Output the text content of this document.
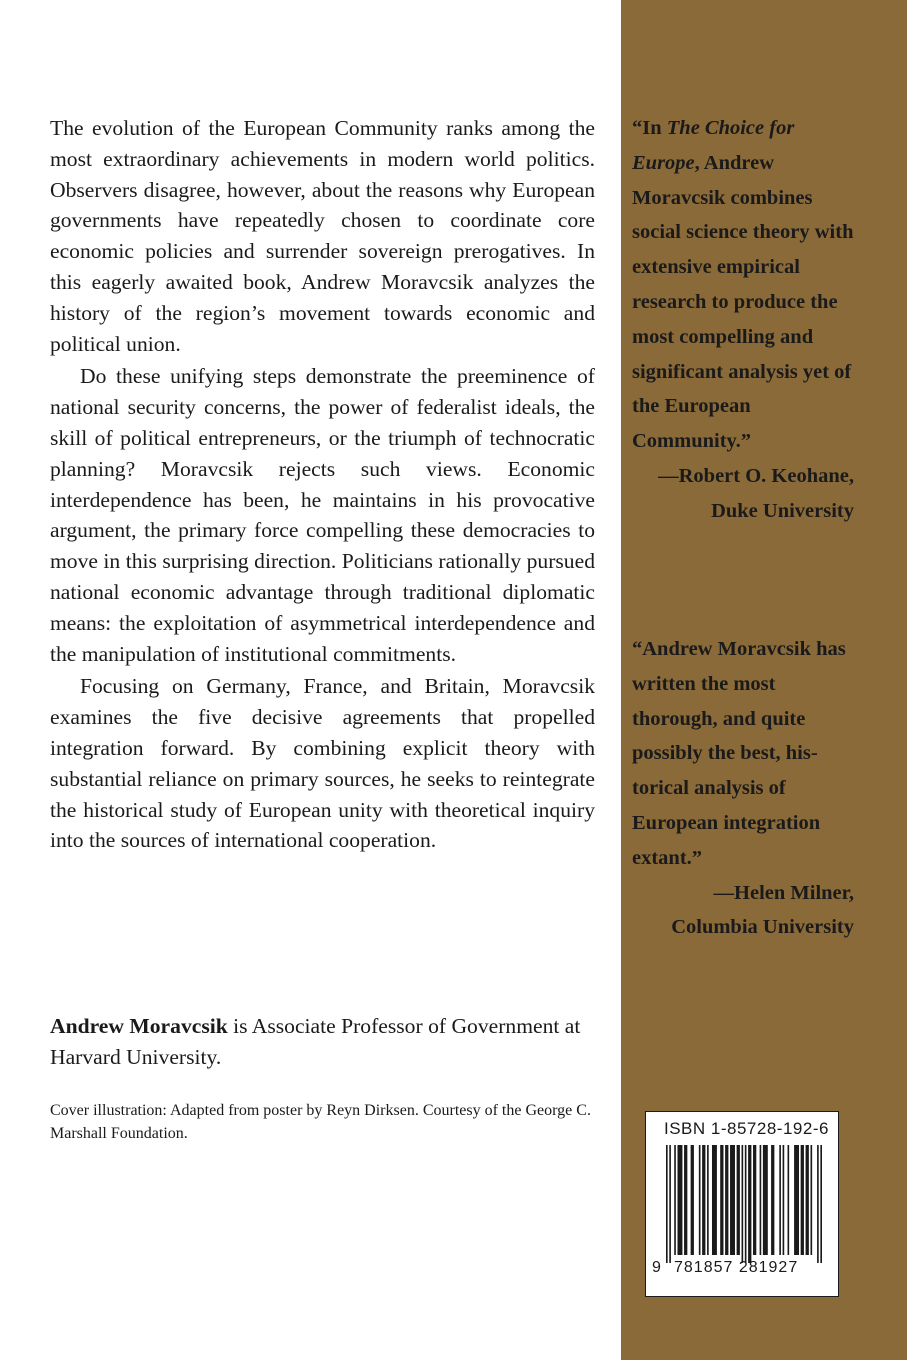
The evolution of the European Community ranks among the most extraordinary achievements in modern world politics. Observers disagree, however, about the reasons why European governments have repeatedly chosen to coordinate core economic policies and surrender sovereign prerogatives. In this eagerly awaited book, Andrew Moravcsik analyzes the history of the region’s movement towards economic and political union.

Do these unifying steps demonstrate the preeminence of national security concerns, the power of federalist ideals, the skill of political entrepreneurs, or the triumph of technocratic planning? Moravcsik rejects such views. Economic interdependence has been, he maintains in his provocative argument, the primary force compelling these democracies to move in this surprising direction. Politicians rationally pursued national economic advantage through traditional diplomatic means: the exploitation of asymmetrical interdependence and the manipulation of institutional commitments.

Focusing on Germany, France, and Britain, Moravcsik examines the five decisive agreements that propelled integration forward. By combining explicit theory with substantial reliance on primary sources, he seeks to reintegrate the historical study of European unity with theoretical inquiry into the sources of international cooperation.

Andrew Moravcsik is Associate Professor of Government at Harvard University.
Cover illustration: Adapted from poster by Reyn Dirksen. Courtesy of the George C. Marshall Foundation.
“In The Choice for Europe, Andrew Moravcsik combines social science theory with extensive empirical research to produce the most compelling and significant analysis yet of the European Community.”
—Robert O. Keohane, Duke University
“Andrew Moravcsik has written the most thorough, and quite possibly the best, historical analysis of European integration extant.”
—Helen Milner, Columbia University
ISBN 1-85728-192-6
9 781857 281927
